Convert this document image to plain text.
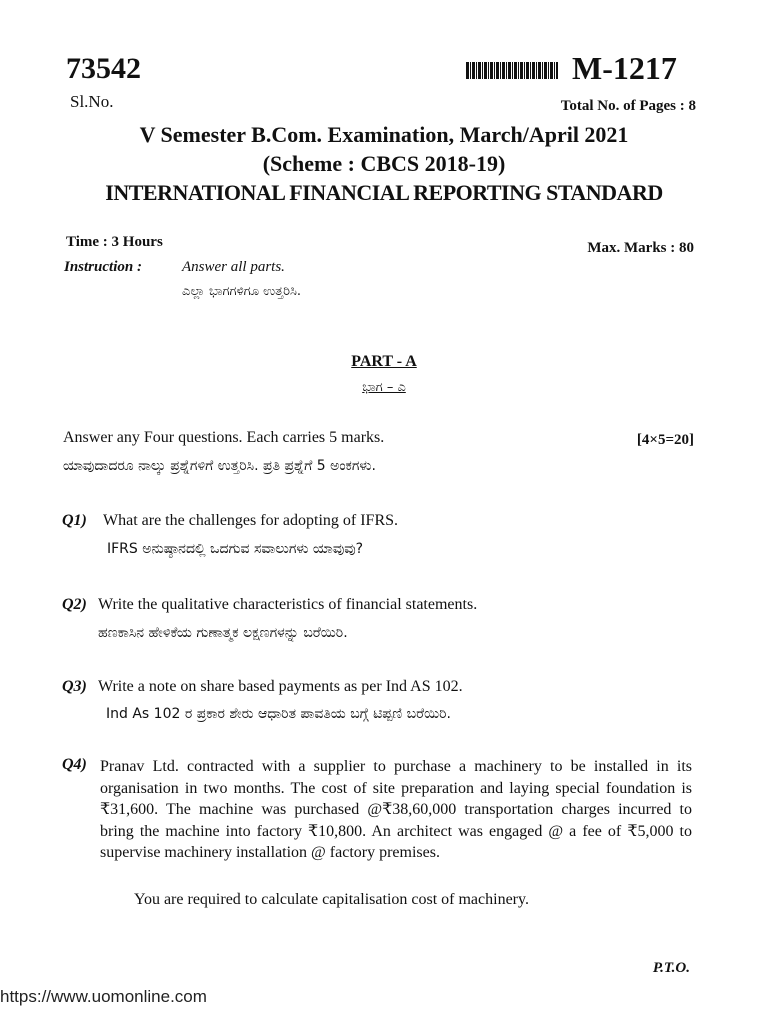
73542	M-1217
Sl.No.	Total No. of Pages : 8
V Semester B.Com. Examination, March/April 2021
(Scheme : CBCS 2018-19)
INTERNATIONAL FINANCIAL REPORTING STANDARD
Time : 3 Hours	Max. Marks : 80
Instruction :	Answer all parts.
ಎಲ್ಲಾ ಭಾಗಗಳಿಗೂ ಉತ್ತರಿಸಿ.
PART - A
ಭಾಗ – ಎ
Answer any Four questions. Each carries 5 marks.	[4×5=20]
ಯಾವುದಾದರೂ ನಾಲ್ಕು ಪ್ರಶ್ನೆಗಳಿಗೆ ಉತ್ತರಿಸಿ. ಪ್ರತಿ ಪ್ರಶ್ನೆಗೆ 5 ಅಂಕಗಳು.
Q1) What are the challenges for adopting of IFRS.
IFRS ಅನುಷ್ಠಾನದಲ್ಲಿ ಒದಗುವ ಸವಾಲುಗಳು ಯಾವುವು?
Q2) Write the qualitative characteristics of financial statements.
ಹಣಕಾಸಿನ ಹೇಳಿಕೆಯ ಗುಣಾತ್ಮಕ ಲಕ್ಷಣಗಳನ್ನು ಬರೆಯಿರಿ.
Q3) Write a note on share based payments as per Ind AS 102.
Ind As 102 ರ ಪ್ರಕಾರ ಶೇರು ಆಧಾರಿತ ಪಾವತಿಯ ಬಗ್ಗೆ ಟಿಪ್ಪಣಿ ಬರೆಯಿರಿ.
Q4) Pranav Ltd. contracted with a supplier to purchase a machinery to be installed in its organisation in two months. The cost of site preparation and laying special foundation is ₹31,600. The machine was purchased @₹38,60,000 transportation charges incurred to bring the machine into factory ₹10,800. An architect was engaged @ a fee of ₹5,000 to supervise machinery installation @ factory premises.
You are required to calculate capitalisation cost of machinery.
P.T.O.
https://www.uomonline.com
